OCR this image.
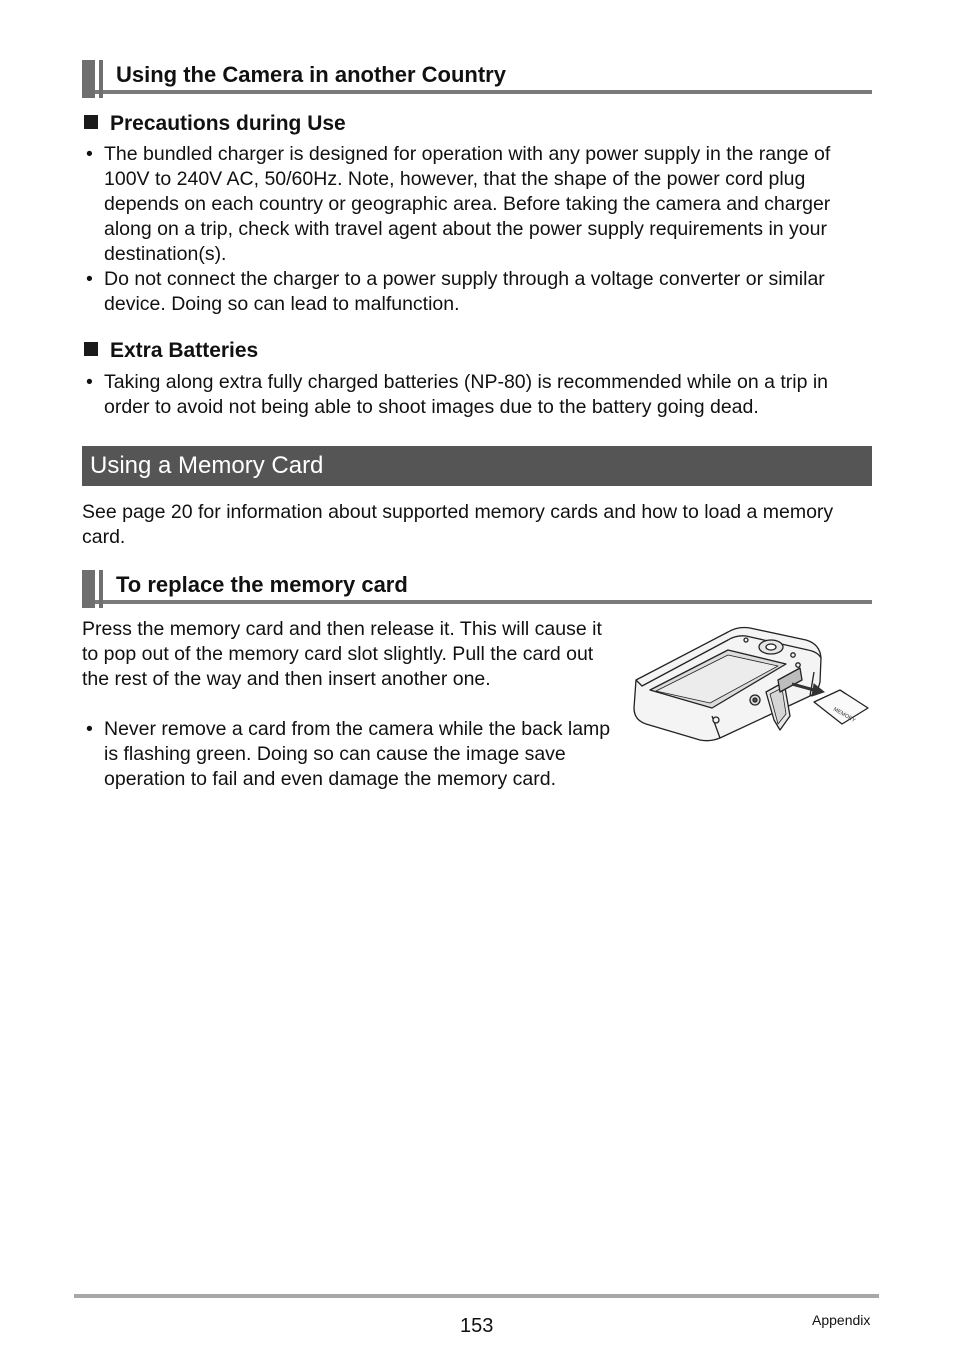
Using the Camera in another Country
Precautions during Use
• The bundled charger is designed for operation with any power supply in the range of 100V to 240V AC, 50/60Hz. Note, however, that the shape of the power cord plug depends on each country or geographic area. Before taking the camera and charger along on a trip, check with travel agent about the power supply requirements in your destination(s).
• Do not connect the charger to a power supply through a voltage converter or similar device. Doing so can lead to malfunction.
Extra Batteries
• Taking along extra fully charged batteries (NP-80) is recommended while on a trip in order to avoid not being able to shoot images due to the battery going dead.
Using a Memory Card

See page 20 for information about supported memory cards and how to load a memory card.

To replace the memory card

Press the memory card and then release it. This will cause it to pop out of the memory card slot slightly. Pull the card out the rest of the way and then insert another one.

• Never remove a card from the camera while the back lamp is flashing green. Doing so can cause the image save operation to fail and even damage the memory card.
MEMORY
153	Appendix
